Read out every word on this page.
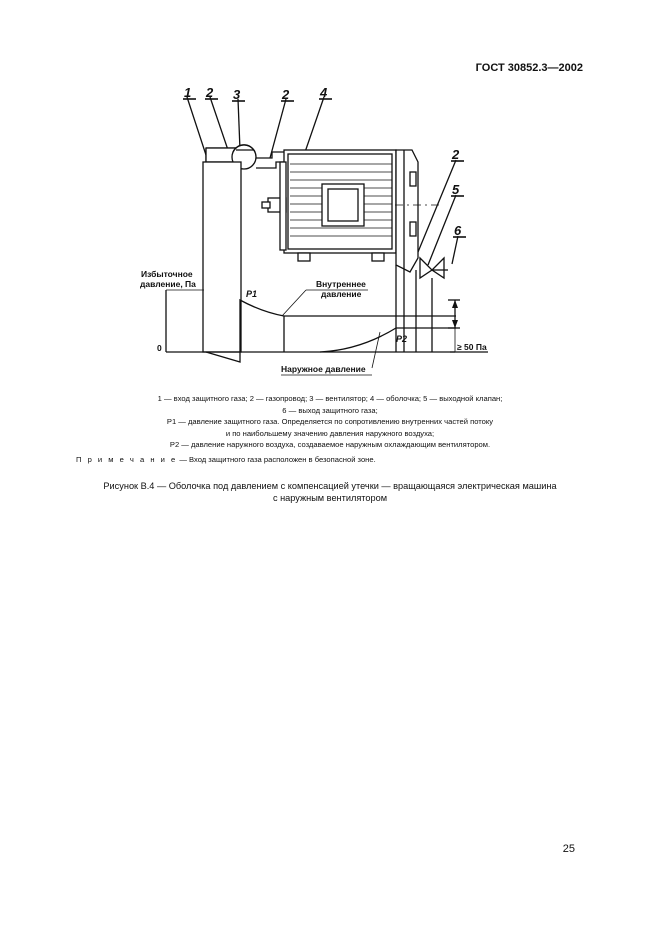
ГОСТ 30852.3—2002
1 2 3	2 4
2
5
6
Избыточное
давление, Па
0
P1
P2
Внутреннее
давление
Наружное давление
≥ 50 Па
1 — вход защитного газа; 2 — газопровод; 3 — вентилятор; 4 — оболочка; 5 — выходной клапан;
6 — выход защитного газа;
P1 — давление защитного газа. Определяется по сопротивлению внутренних частей потоку
и по наибольшему значению давления наружного воздуха;
P2 — давление наружного воздуха, создаваемое наружным охлаждающим вентилятором.
П р и м е ч а н и е — Вход защитного газа расположен в безопасной зоне.
Рисунок В.4 — Оболочка под давлением с компенсацией утечки — вращающаяся электрическая машина
с наружным вентилятором
25
